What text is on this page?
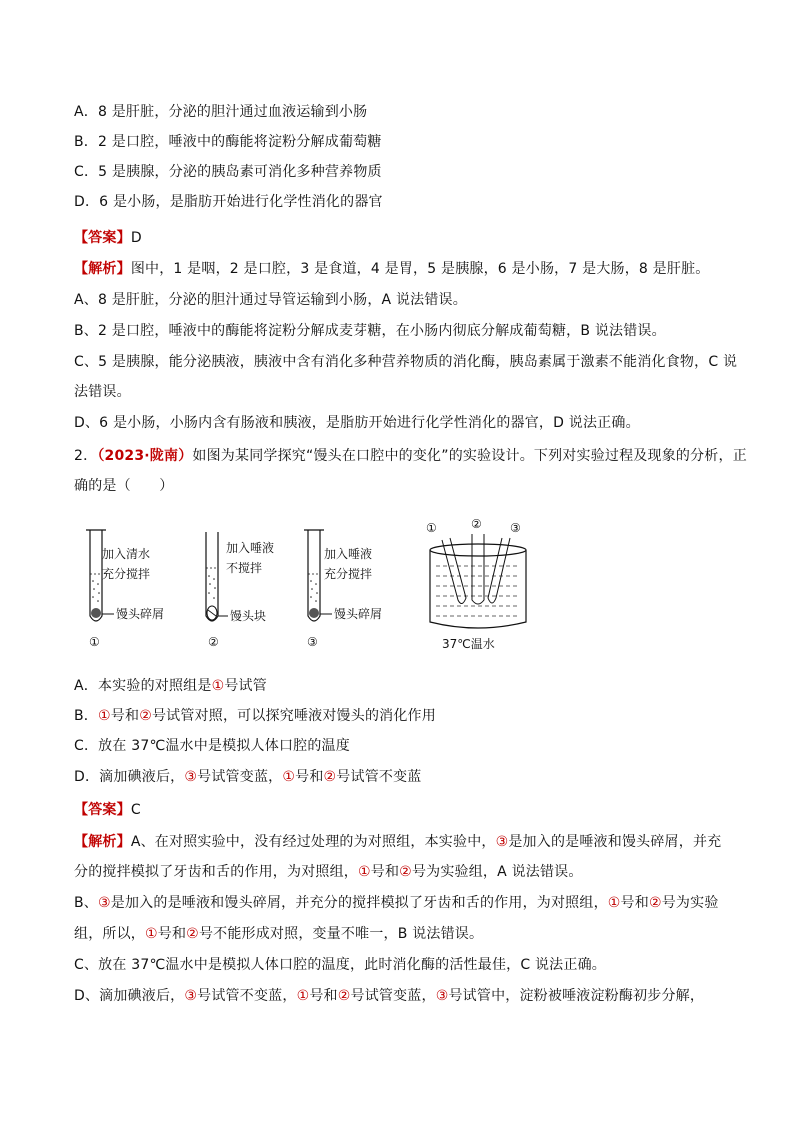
A．8 是肝脏，分泌的胆汁通过血液运输到小肠
B．2 是口腔，唾液中的酶能将淀粉分解成葡萄糖
C．5 是胰腺，分泌的胰岛素可消化多种营养物质
D．6 是小肠，是脂肪开始进行化学性消化的器官
【答案】D
【解析】图中，1 是咽，2 是口腔，3 是食道，4 是胃，5 是胰腺，6 是小肠，7 是大肠，8 是肝脏。
A、8 是肝脏，分泌的胆汁通过导管运输到小肠，A 说法错误。
B、2 是口腔，唾液中的酶能将淀粉分解成麦芽糖，在小肠内彻底分解成葡萄糖，B 说法错误。
C、5 是胰腺，能分泌胰液，胰液中含有消化多种营养物质的消化酶，胰岛素属于激素不能消化食物，C 说
法错误。
D、6 是小肠，小肠内含有肠液和胰液，是脂肪开始进行化学性消化的器官，D 说法正确。
2．（2023·陇南）如图为某同学探究“馒头在口腔中的变化”的实验设计。下列对实验过程及现象的分析，正
确的是（　　）
加入清水
充分搅拌
馒头碎屑
①
加入唾液
不搅拌
馒头块
②
加入唾液
充分搅拌
馒头碎屑
③
①	② ③
37℃温水
A．本实验的对照组是①号试管
B．①号和②号试管对照，可以探究唾液对馒头的消化作用
C．放在 37℃温水中是模拟人体口腔的温度
D．滴加碘液后，③号试管变蓝，①号和②号试管不变蓝
【答案】C
【解析】A、在对照实验中，没有经过处理的为对照组，本实验中，③是加入的是唾液和馒头碎屑，并充
分的搅拌模拟了牙齿和舌的作用，为对照组，①号和②号为实验组，A 说法错误。
B、③是加入的是唾液和馒头碎屑，并充分的搅拌模拟了牙齿和舌的作用，为对照组，①号和②号为实验
组，所以，①号和②号不能形成对照，变量不唯一，B 说法错误。
C、放在 37℃温水中是模拟人体口腔的温度，此时消化酶的活性最佳，C 说法正确。
D、滴加碘液后，③号试管不变蓝，①号和②号试管变蓝，③号试管中，淀粉被唾液淀粉酶初步分解，
